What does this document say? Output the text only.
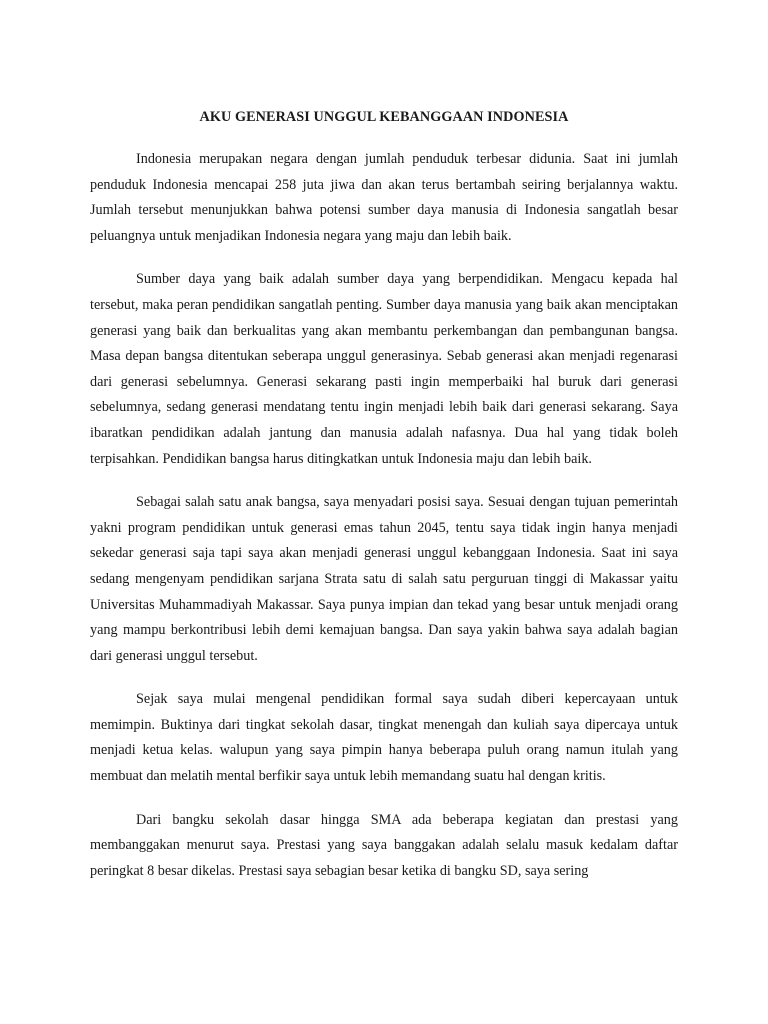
AKU GENERASI UNGGUL KEBANGGAAN INDONESIA

Indonesia merupakan negara dengan jumlah penduduk terbesar didunia. Saat ini jumlah penduduk Indonesia mencapai 258 juta jiwa dan akan terus bertambah seiring berjalannya waktu. Jumlah tersebut menunjukkan bahwa potensi sumber daya manusia di Indonesia sangatlah besar peluangnya untuk menjadikan Indonesia negara yang maju dan lebih baik.

Sumber daya yang baik adalah sumber daya yang berpendidikan. Mengacu kepada hal tersebut, maka peran pendidikan sangatlah penting. Sumber daya manusia yang baik akan menciptakan generasi yang baik dan berkualitas yang akan membantu perkembangan dan pembangunan bangsa. Masa depan bangsa ditentukan seberapa unggul generasinya. Sebab generasi akan menjadi regenarasi dari generasi sebelumnya. Generasi sekarang pasti ingin memperbaiki hal buruk dari generasi sebelumnya, sedang generasi mendatang tentu ingin menjadi lebih baik dari generasi sekarang. Saya ibaratkan pendidikan adalah jantung dan manusia adalah nafasnya. Dua hal yang tidak boleh terpisahkan. Pendidikan bangsa harus ditingkatkan untuk Indonesia maju dan lebih baik.

Sebagai salah satu anak bangsa, saya menyadari posisi saya. Sesuai dengan tujuan pemerintah yakni program pendidikan untuk generasi emas tahun 2045, tentu saya tidak ingin hanya menjadi sekedar generasi saja tapi saya akan menjadi generasi unggul kebanggaan Indonesia. Saat ini saya sedang mengenyam pendidikan sarjana Strata satu di salah satu perguruan tinggi di Makassar yaitu Universitas Muhammadiyah Makassar. Saya punya impian dan tekad yang besar untuk menjadi orang yang mampu berkontribusi lebih demi kemajuan bangsa. Dan saya yakin bahwa saya adalah bagian dari generasi unggul tersebut.

Sejak saya mulai mengenal pendidikan formal saya sudah diberi kepercayaan untuk memimpin. Buktinya dari tingkat sekolah dasar, tingkat menengah dan kuliah saya dipercaya untuk menjadi ketua kelas. walupun yang saya pimpin hanya beberapa puluh orang namun itulah yang membuat dan melatih mental berfikir saya untuk lebih memandang suatu hal dengan kritis.

Dari bangku sekolah dasar hingga SMA ada beberapa kegiatan dan prestasi yang membanggakan menurut saya. Prestasi yang saya banggakan adalah selalu masuk kedalam daftar peringkat 8 besar dikelas. Prestasi saya sebagian besar ketika di bangku SD, saya sering
